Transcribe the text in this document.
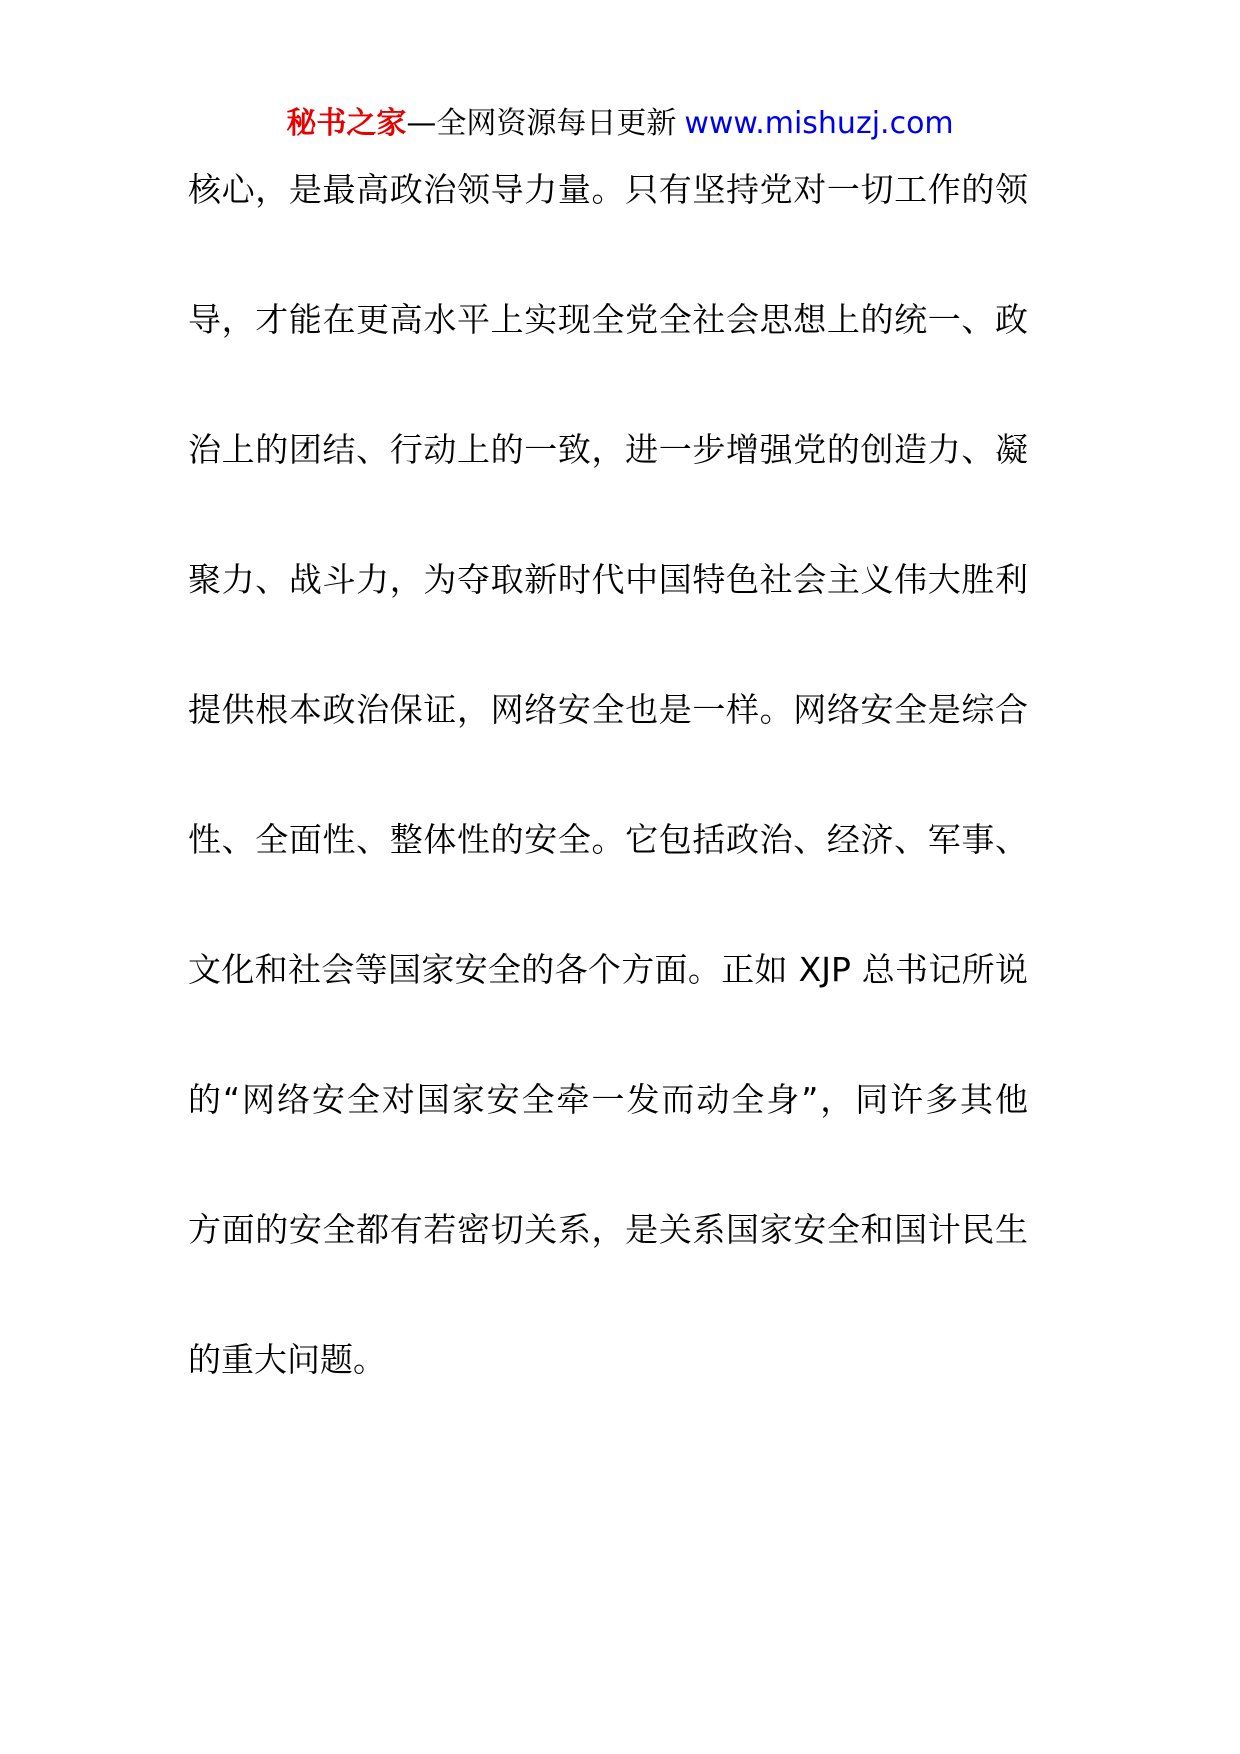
秘书之家—全网资源每日更新 www.mishuzj.com
核心，是最高政治领导力量。只有坚持党对一切工作的领
导，才能在更高水平上实现全党全社会思想上的统一、政
治上的团结、行动上的一致，进一步增强党的创造力、凝
聚力、战斗力，为夺取新时代中国特色社会主义伟大胜利
提供根本政治保证，网络安全也是一样。网络安全是综合
性、全面性、整体性的安全。它包括政治、经济、军事、
文化和社会等国家安全的各个方面。正如 XJP 总书记所说
的“网络安全对国家安全牵一发而动全身”，同许多其他
方面的安全都有若密切关系，是关系国家安全和国计民生
的重大问题。
